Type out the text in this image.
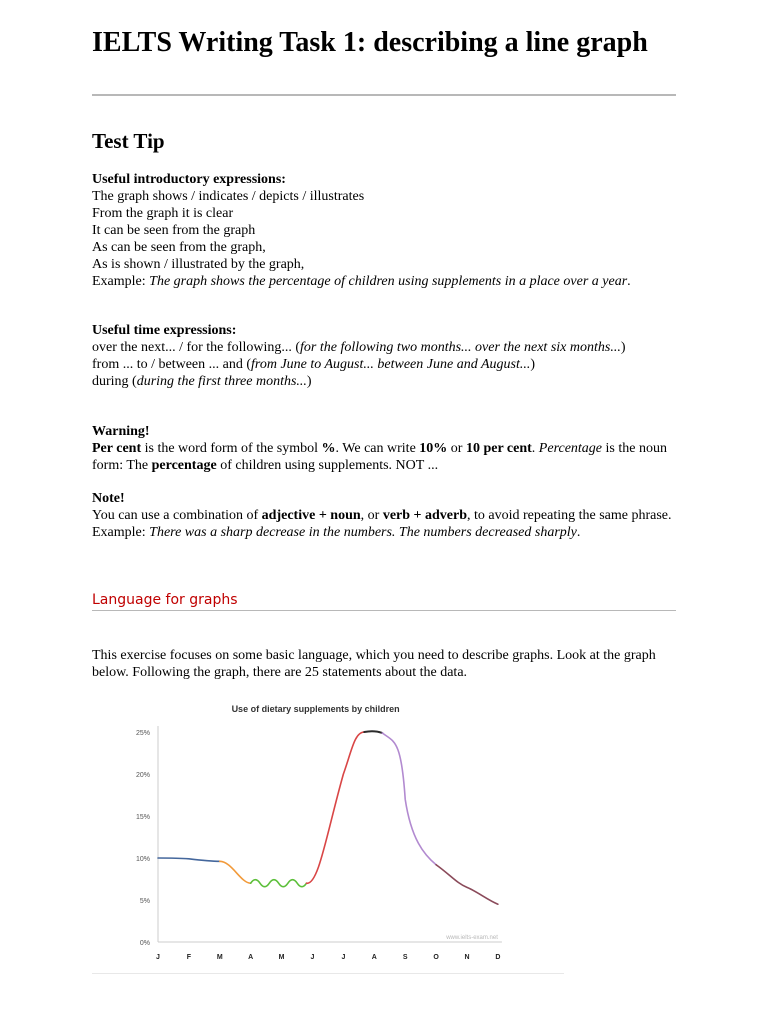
IELTS Writing Task 1: describing a line graph
Test Tip

Useful introductory expressions:

The graph shows / indicates / depicts / illustrates

From the graph it is clear

It can be seen from the graph

As can be seen from the graph,

As is shown / illustrated by the graph,

Example: The graph shows the percentage of children using supplements in a place over a year.

Useful time expressions:

over the next... / for the following... (for the following two months... over the next six months...)

from ... to / between ... and (from June to August... between June and August...)

during (during the first three months...)

Warning!

Per cent is the word form of the symbol %. We can write 10% or 10 per cent. Percentage is the noun form: The percentage of children using supplements. NOT ...

Note!

You can use a combination of adjective + noun, or verb + adverb, to avoid repeating the same phrase.

Example: There was a sharp decrease in the numbers. The numbers decreased sharply.

Language for graphs

This exercise focuses on some basic language, which you need to describe graphs. Look at the graph below. Following the graph, there are 25 statements about the data.

Use of dietary supplements by children
0%
5%
10%
15%
20%
25%
J	F	M	A	M	J	J	A	S	O	N	D
www.ielts-exam.net
